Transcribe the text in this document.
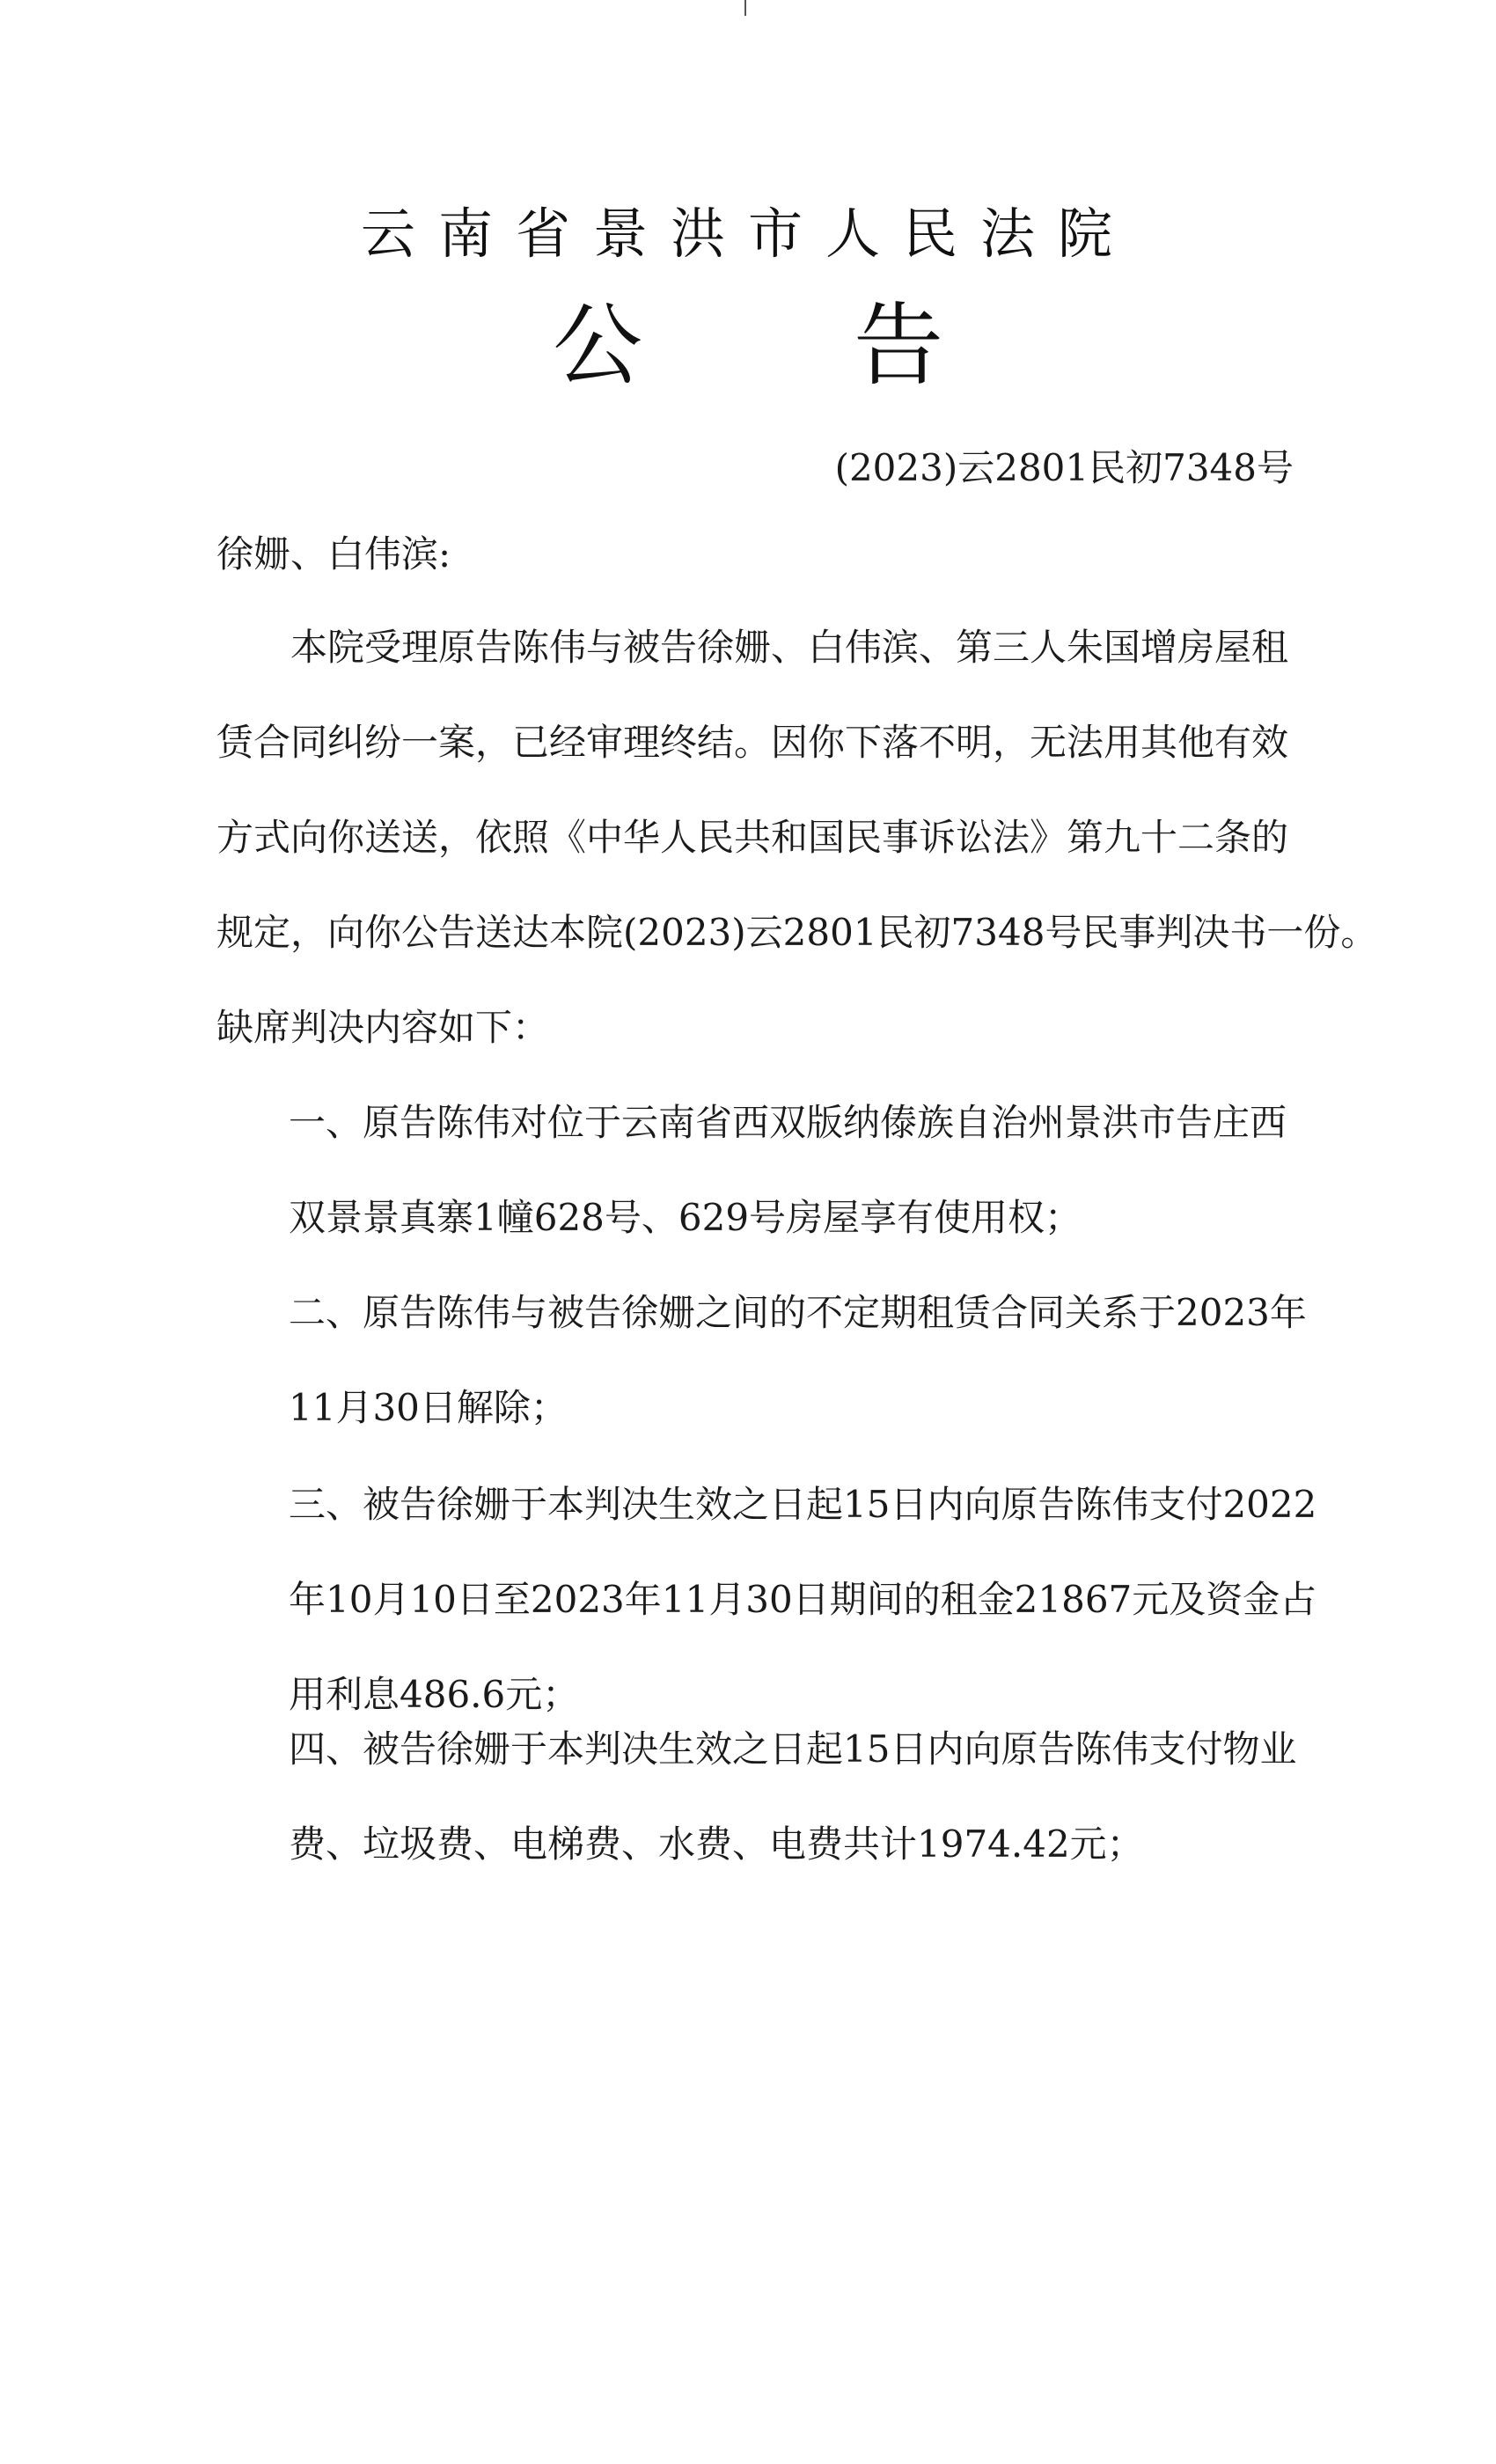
云南省景洪市人民法院
公告
(2023)云2801民初7348号
徐姗、白伟滨:
本院受理原告陈伟与被告徐姗、白伟滨、第三人朱国增房屋租
赁合同纠纷一案，已经审理终结。因你下落不明，无法用其他有效
方式向你送送，依照《中华人民共和国民事诉讼法》第九十二条的
规定，向你公告送达本院(2023)云2801民初7348号民事判决书一份。
缺席判决内容如下：
一、原告陈伟对位于云南省西双版纳傣族自治州景洪市告庄西
双景景真寨1幢628号、629号房屋享有使用权；
二、原告陈伟与被告徐姗之间的不定期租赁合同关系于2023年
11月30日解除；
三、被告徐姗于本判决生效之日起15日内向原告陈伟支付2022
年10月10日至2023年11月30日期间的租金21867元及资金占
用利息486.6元；
四、被告徐姗于本判决生效之日起15日内向原告陈伟支付物业
费、垃圾费、电梯费、水费、电费共计1974.42元；
